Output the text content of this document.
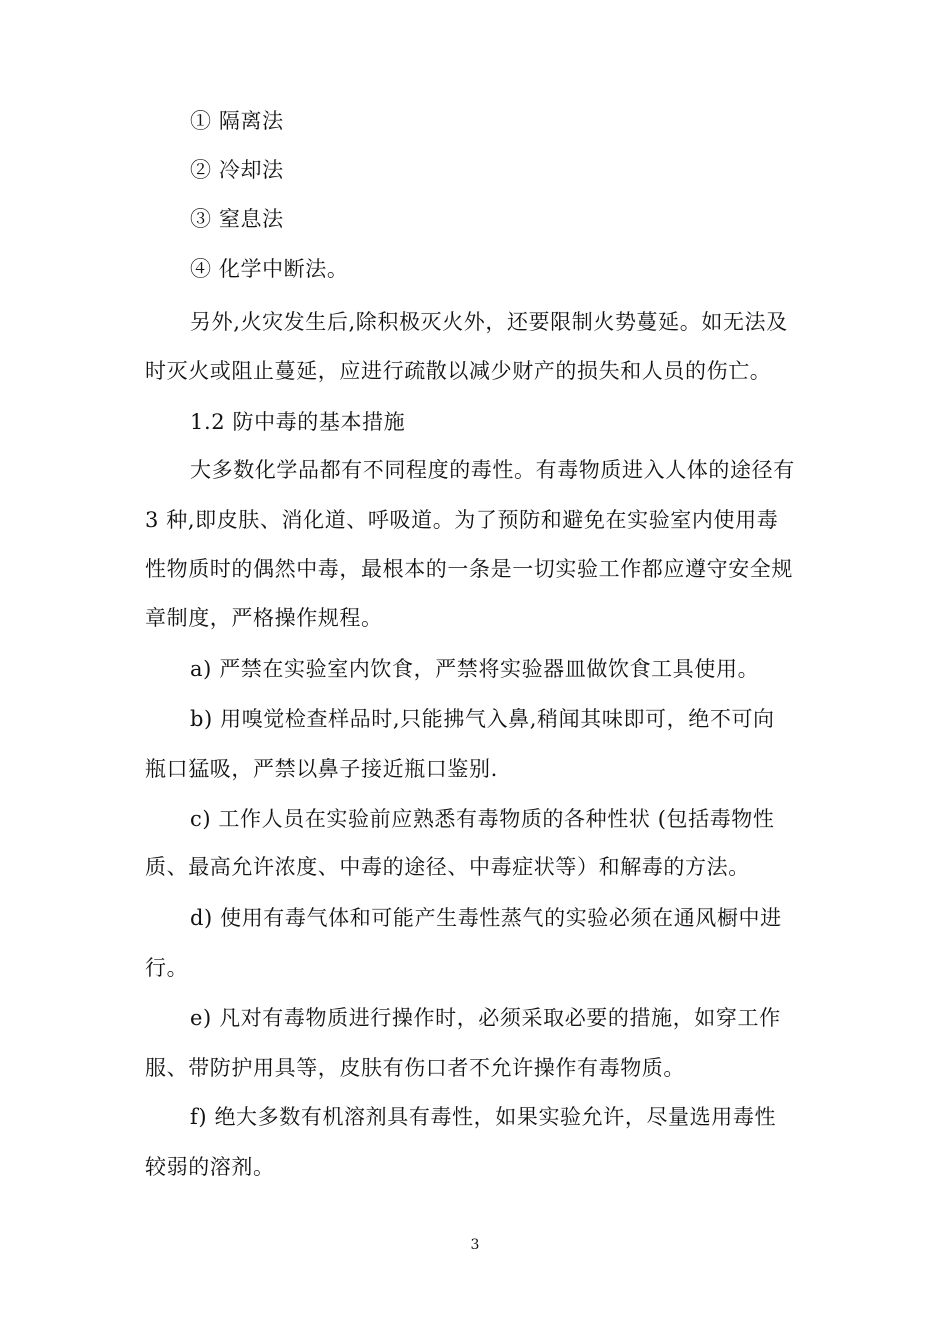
① 隔离法
② 冷却法
③ 窒息法
④ 化学中断法。
另外,火灾发生后,除积极灭火外，还要限制火势蔓延。如无法及
时灭火或阻止蔓延，应进行疏散以减少财产的损失和人员的伤亡。
1.2 防中毒的基本措施
大多数化学品都有不同程度的毒性。有毒物质进入人体的途径有
3 种,即皮肤、消化道、呼吸道。为了预防和避免在实验室内使用毒
性物质时的偶然中毒，最根本的一条是一切实验工作都应遵守安全规
章制度，严格操作规程。
a) 严禁在实验室内饮食，严禁将实验器皿做饮食工具使用。
b) 用嗅觉检查样品时,只能拂气入鼻,稍闻其味即可，绝不可向
瓶口猛吸，严禁以鼻子接近瓶口鉴别.
c) 工作人员在实验前应熟悉有毒物质的各种性状 (包括毒物性
质、最高允许浓度、中毒的途径、中毒症状等）和解毒的方法。
d) 使用有毒气体和可能产生毒性蒸气的实验必须在通风橱中进
行。
e) 凡对有毒物质进行操作时，必须采取必要的措施，如穿工作
服、带防护用具等，皮肤有伤口者不允许操作有毒物质。
f) 绝大多数有机溶剂具有毒性，如果实验允许，尽量选用毒性
较弱的溶剂。
3
